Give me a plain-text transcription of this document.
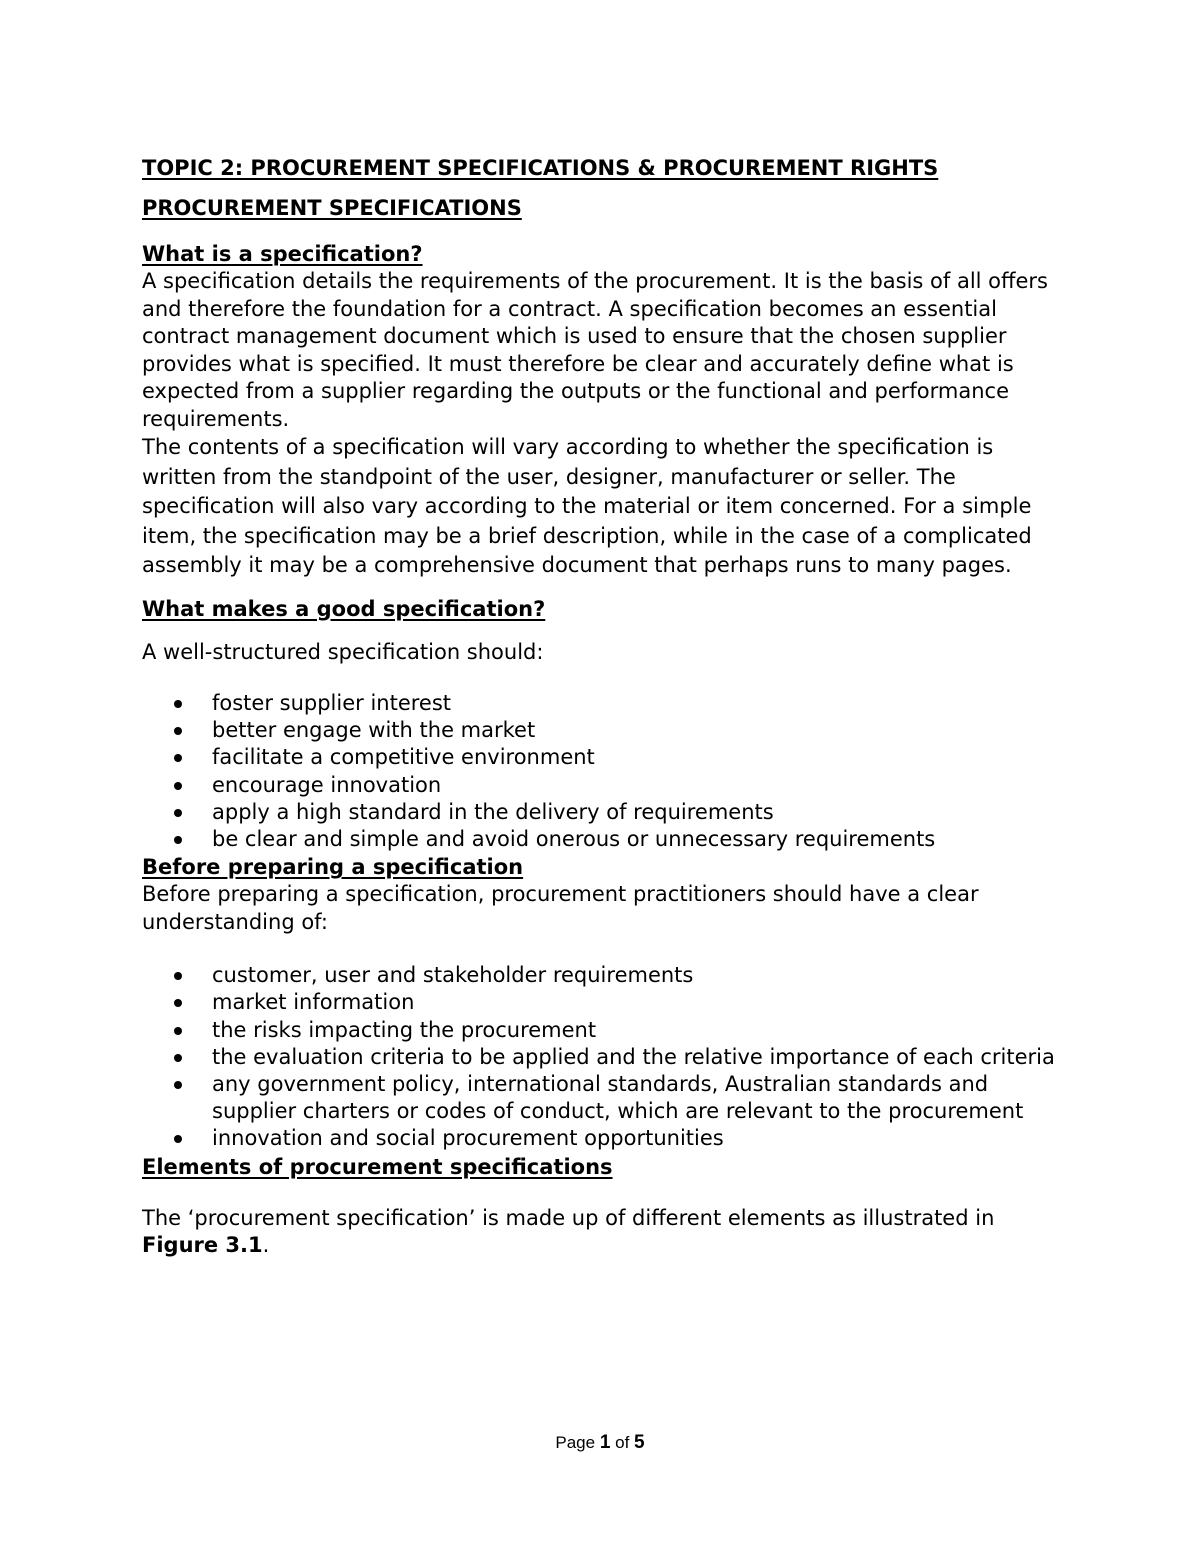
TOPIC 2: PROCUREMENT SPECIFICATIONS & PROCUREMENT RIGHTS
PROCUREMENT SPECIFICATIONS
What is a specification?

A specification details the requirements of the procurement. It is the basis of all offers and therefore the foundation for a contract. A specification becomes an essential contract management document which is used to ensure that the chosen supplier provides what is specified. It must therefore be clear and accurately define what is expected from a supplier regarding the outputs or the functional and performance requirements.

The contents of a specification will vary according to whether the specification is written from the standpoint of the user, designer, manufacturer or seller. The specification will also vary according to the material or item concerned. For a simple item, the specification may be a brief description, while in the case of a complicated assembly it may be a comprehensive document that perhaps runs to many pages.

What makes a good specification?

A well-structured specification should:

foster supplier interest
better engage with the market
facilitate a competitive environment
encourage innovation
apply a high standard in the delivery of requirements
be clear and simple and avoid onerous or unnecessary requirements
Before preparing a specification

Before preparing a specification, procurement practitioners should have a clear understanding of:

customer, user and stakeholder requirements
market information
the risks impacting the procurement
the evaluation criteria to be applied and the relative importance of each criteria
any government policy, international standards, Australian standards and supplier charters or codes of conduct, which are relevant to the procurement
innovation and social procurement opportunities
Elements of procurement specifications

The ‘procurement specification’ is made up of different elements as illustrated in Figure 3.1.

Page 1 of 5
